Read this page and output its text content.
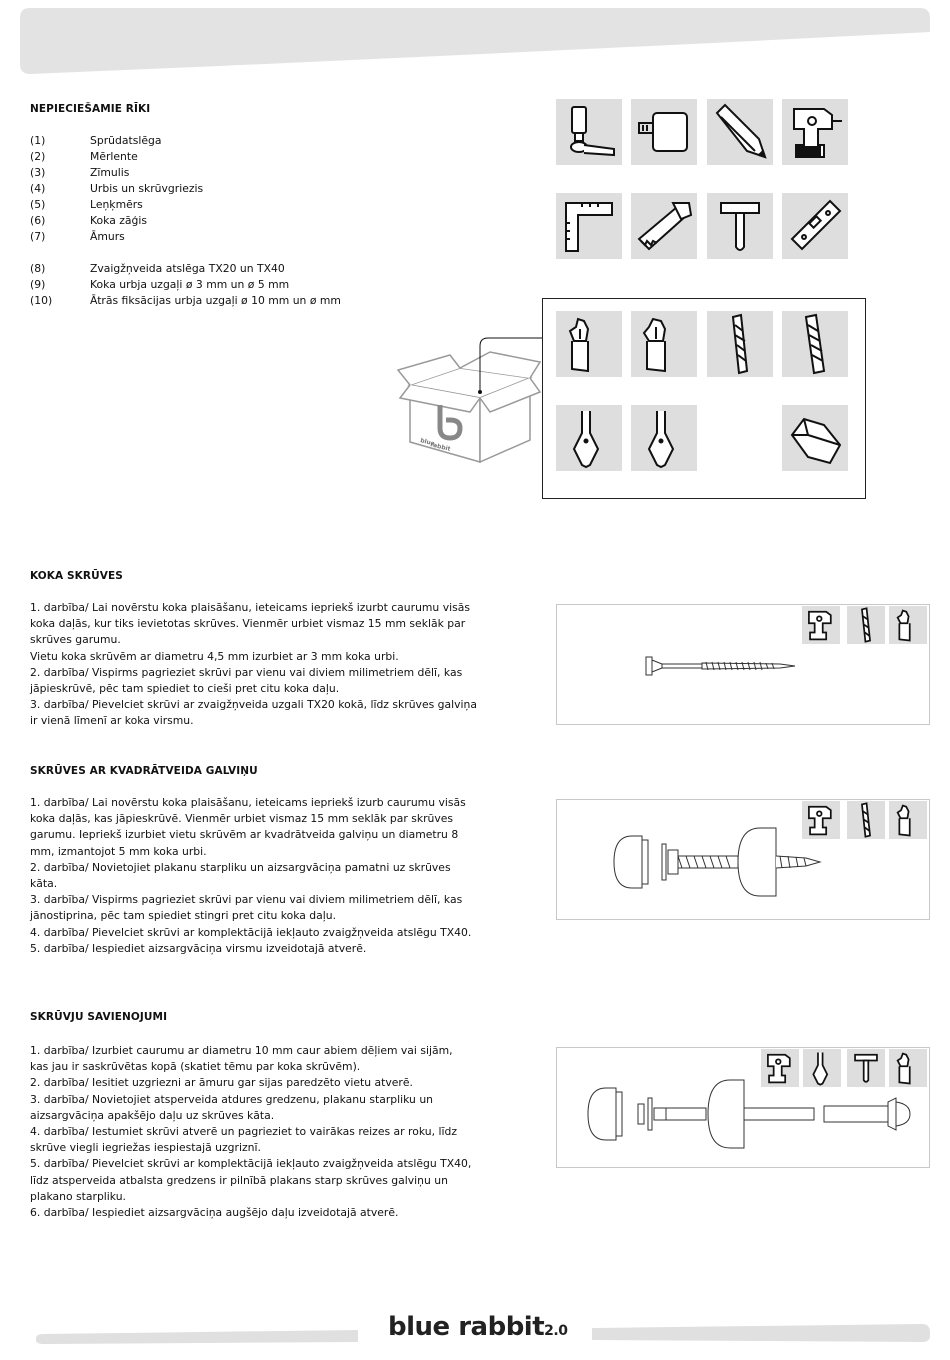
NEPIECIEŠAMIE RĪKI
(1)	Sprūdatslēga
(2)	Mērlente
(3)	Zīmulis
(4)	Urbis un skrūvgriezis
(5)	Leņķmērs
(6)	Koka zāģis
(7)	Āmurs
(8)	Zvaigžņveida atslēga TX20 un TX40
(9)	Koka urbja uzgaļi ø 3 mm un ø 5 mm
(10)	Ātrās fiksācijas urbja uzgaļi ø 10 mm un ø mm
rabbit
blue
KOKA SKRŪVES
1. darbība/ Lai novērstu koka plaisāšanu, ieteicams iepriekš izurbt caurumu visās
koka daļās, kur tiks ievietotas skrūves. Vienmēr urbiet vismaz 15 mm seklāk par
skrūves garumu.
Vietu koka skrūvēm ar diametru 4,5 mm izurbiet ar 3 mm koka urbi.
2. darbība/ Vispirms pagrieziet skrūvi par vienu vai diviem milimetriem dēlī, kas
jāpieskrūvē, pēc tam spiediet to cieši pret citu koka daļu.
3. darbība/ Pievelciet skrūvi ar zvaigžņveida uzgali TX20 kokā, līdz skrūves galviņa
ir vienā līmenī ar koka virsmu.
SKRŪVES AR KVADRĀTVEIDA GALVIŅU
1. darbība/ Lai novērstu koka plaisāšanu, ieteicams iepriekš izurb caurumu visās
koka daļās, kas jāpieskrūvē. Vienmēr urbiet vismaz 15 mm seklāk par skrūves
garumu. Iepriekš izurbiet vietu skrūvēm ar kvadrātveida galviņu un diametru 8
mm, izmantojot 5 mm koka urbi.
2. darbība/ Novietojiet plakanu starpliku un aizsargvāciņa pamatni uz skrūves
kāta.
3. darbība/ Vispirms pagrieziet skrūvi par vienu vai diviem milimetriem dēlī, kas
jānostiprina, pēc tam spiediet stingri pret citu koka daļu.
4. darbība/ Pievelciet skrūvi ar komplektācijā iekļauto zvaigžņveida atslēgu TX40.
5. darbība/ Iespiediet aizsargvāciņa virsmu izveidotajā atverē.
SKRŪVJU SAVIENOJUMI
1. darbība/ Izurbiet caurumu ar diametru 10 mm caur abiem dēļiem vai sijām,
kas jau ir saskrūvētas kopā (skatiet tēmu par koka skrūvēm).
2. darbība/ Iesitiet uzgriezni ar āmuru gar sijas paredzēto vietu atverē.
3. darbība/ Novietojiet atsperveida atdures gredzenu, plakanu starpliku un
aizsargvāciņa apakšējo daļu uz skrūves kāta.
4. darbība/ Iestumiet skrūvi atverē un pagrieziet to vairākas reizes ar roku, līdz
skrūve viegli iegriežas iespiestajā uzgriznī.
5. darbība/ Pievelciet skrūvi ar komplektācijā iekļauto zvaigžņveida atslēgu TX40,
līdz atsperveida atbalsta gredzens ir pilnībā plakans starp skrūves galviņu un
plakano starpliku.
6. darbība/ Iespiediet aizsargvāciņa augšējo daļu izveidotajā atverē.
blue rabbit2.0
